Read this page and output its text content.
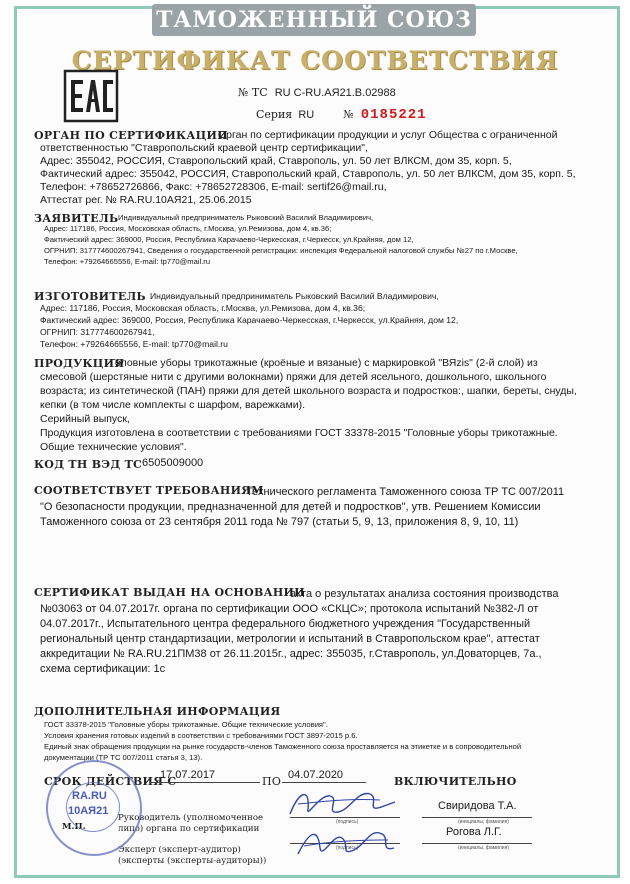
ТАМОЖЕННЫЙ СОЮЗ
СЕРТИФИКАТ СООТВЕТСТВИЯ
№ ТС RU C-RU.АЯ21.В.02988
Серия RU	№ 0185221
ОРГАН ПО СЕРТИФИКАЦИИ
Орган по сертификации продукции и услуг Общества с ограниченной
ответственностью "Ставропольский краевой центр сертификации",
Адрес: 355042, РОССИЯ, Ставропольский край, Ставрополь, ул. 50 лет ВЛКСМ, дом 35, корп. 5,
Фактический адрес: 355042, РОССИЯ, Ставропольский край, Ставрополь, ул. 50 лет ВЛКСМ, дом 35, корп. 5,
Телефон: +78652726866, Факс: +78652728306, E-mail: sertif26@mail.ru,
Аттестат рег. № RA.RU.10АЯ21, 25.06.2015
ЗАЯВИТЕЛЬ Индивидуальный предприниматель Рыковский Василий Владимирович,
Адрес: 117186, Россия, Московская область, г.Москва, ул.Ремизова, дом 4, кв.36;
Фактический адрес: 369000, Россия, Республика Карачаево-Черкесская, г.Черкесск, ул.Крайняя, дом 12,
ОГРНИП: 317774600267941, Сведения о государственной регистрации: инспекция Федеральной налоговой службы №27 по г.Москве,
Телефон: +79264665556, E-mail: tp770@mail.ru
ИЗГОТОВИТЕЛЬ Индивидуальный предприниматель Рыковский Василий Владимирович,
Адрес: 117186, Россия, Московская область, г.Москва, ул.Ремизова, дом 4, кв.36;
Фактический адрес: 369000, Россия, Республика Карачаево-Черкесская, г.Черкесск, ул.Крайняя, дом 12,
ОГРНИП: 317774600267941,
Телефон: +79264665556, E-mail: tp770@mail.ru
ПРОДУКЦИЯ
Головные уборы трикотажные (кроёные и вязаные) с маркировкой "ВЯzis" (2-й слой) из
смесовой (шерстяные нити с другими волокнами) пряжи для детей ясельного, дошкольного, школьного
возраста; из синтетической (ПАН) пряжи для детей школьного возраста и подростков:, шапки, береты, снуды,
кепки (в том числе комплекты с шарфом, варежками).
Серийный выпуск,
Продукция изготовлена в соответствии с требованиями ГОСТ 33378-2015 "Головные уборы трикотажные.
Общие технические условия".
КОД ТН ВЭД ТС 6505009000
СООТВЕТСТВУЕТ ТРЕБОВАНИЯМ
Технического регламента Таможенного союза ТР ТС 007/2011
"О безопасности продукции, предназначенной для детей и подростков", утв. Решением Комиссии
Таможенного союза от 23 сентября 2011 года № 797 (статьи 5, 9, 13, приложения 8, 9, 10, 11)
СЕРТИФИКАТ ВЫДАН НА ОСНОВАНИИ
акта о результатах анализа состояния производства
№03063 от 04.07.2017г. органа по сертификации ООО «СКЦС»; протокола испытаний №382-Л от
04.07.2017г., Испытательного центра федерального бюджетного учреждения "Государственный
региональный центр стандартизации, метрологии и испытаний в Ставропольском крае", аттестат
аккредитации № RA.RU.21ПМ38 от 26.11.2015г., адрес: 355035, г.Ставрополь, ул.Доваторцев, 7а.,
схема сертификации: 1с
ДОПОЛНИТЕЛЬНАЯ ИНФОРМАЦИЯ
ГОСТ 33378-2015 "Головные уборы трикотажные. Общие технические условия".
Условия хранения готовых изделий в соответствии с требованиями ГОСТ 3897-2015 р.6.
Единый знак обращения продукции на рынке государств-членов Таможенного союза проставляется на этикетке и в сопроводительной
документации (ТР ТС 007/2011 статья 3, 13).
СРОК ДЕЙСТВИЯ С
17.07.2017	ПО 04.07.2020	ВКЛЮЧИТЕЛЬНО
Руководитель (уполномоченное
лицо) органа по сертификации
(подпись)
Свиридова Т.А.
(инициалы, фамилия)
М.П.
Эксперт (эксперт-аудитор)
(эксперты (эксперты-аудиторы))
(подпись)
Рогова Л.Г.
(инициалы, фамилия)
RA.RU
10АЯ21
